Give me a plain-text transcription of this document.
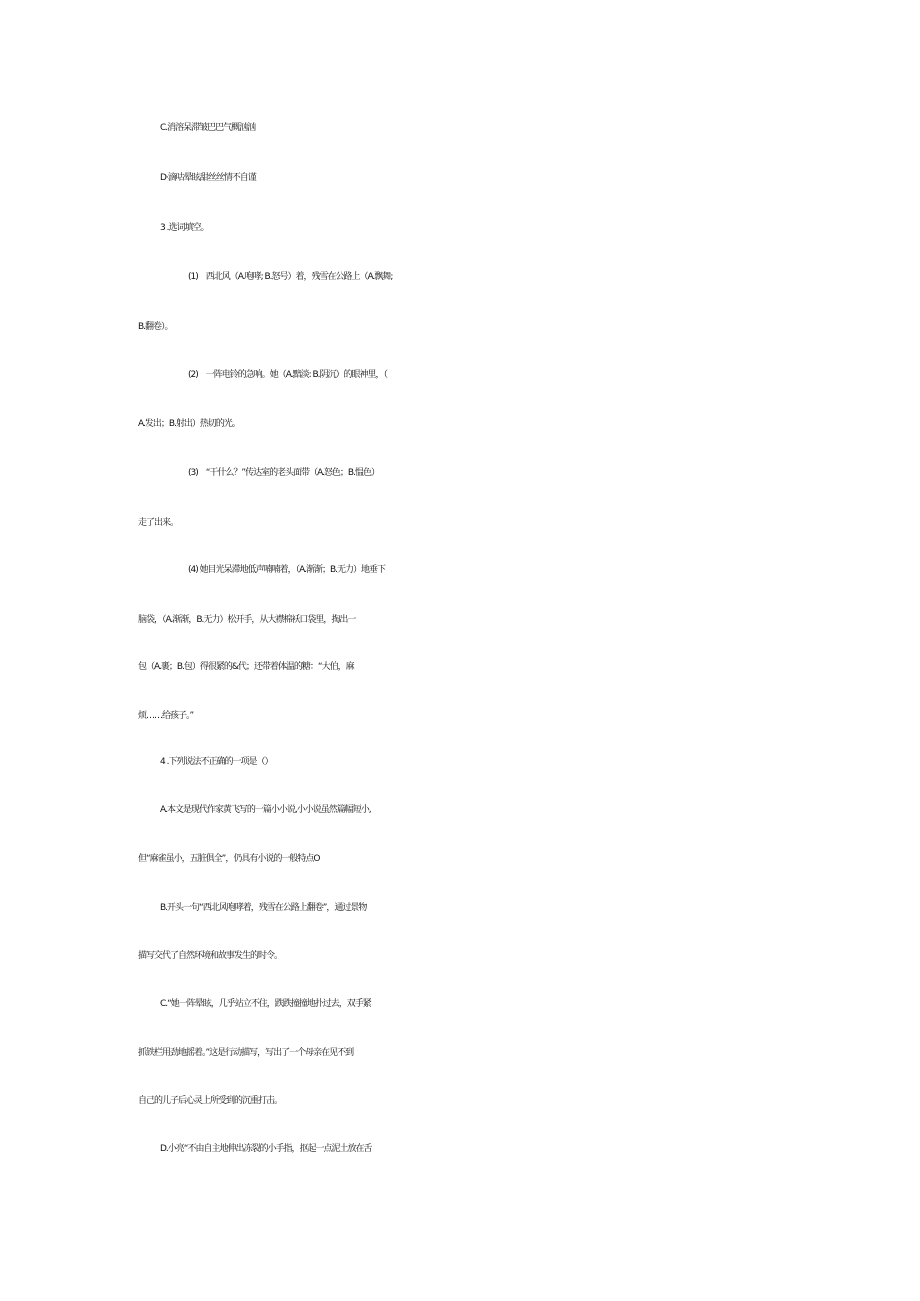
C.消溶呆滞皱巴巴气概汹汹
D·滴咕晕眩甜丝丝情不自谨
3 .选词填空。
(1)　西北风（A.咆哮; B.怒号）着，残雪在公路上（A.飘舞;
B.翻卷）。
(2)　一阵电铃的急响。她（A.黯淡: B.阴沉）的眼神里，（
A.发出；B.射出）热切的光。
(3)　“干什么？”传达室的老头面带（A.怒色；B.愠色）
走了出来。
(4) 她目光呆滞地低声喃喃着，（A.渐渐；B.无力）地垂下
脑袋，（A.渐渐，B.无力）松开手，从大襟棉袄口袋里，掏出一
包（A.裹；B.包）得很紧的&代；还带着体温的糖：“大伯，麻
烦……给孩子。”
4 .下列说法不正确的一项是（）
A.本文是现代作家黄飞写的一篇小小说,小小说虽然篇幅短小,
但“麻雀虽小，五脏俱全”，仍具有小说的一般特点O
B.开头一句“西北风咆哮着，残雪在公路上翻卷”，通过景物
描写交代了自然环境和故事发生的时令。
C.“她一阵晕眩，几乎站立不住，跌跌撞撞地扑过去，双手紧
抓铁栏用劲地摇着。”这是行动描写，写出了一个母亲在见不到
自己的儿子后心灵上所受到的沉重打击。
D.小亮“不由自主地伸出冻裂的小手指，抠起一点泥土放在舌
